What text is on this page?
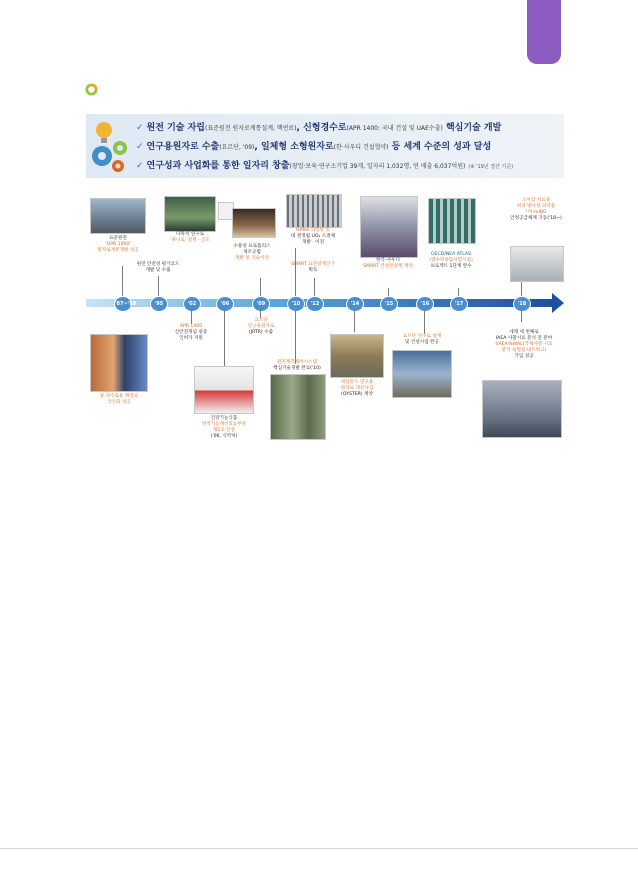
✓ 원전 기술 자립(표준원전 원자로계통설계, 핵연료), 신형경수로(APR 1400: 국내 건설 및 UAE수출) 핵심기술 개발
✓ 연구용원자로 수출(요르단, '09), 일체형 소형원자로(한·사우디 건설협약) 등 세계 수준의 성과 달성
✓ 연구성과 사업화를 통한 일자리 창출(창업·보육·연구소기업 39개, 일자리 1,032명, 연 매출 6,037억원) (※ '19년 결산 기준)
'87~'88	'95	'02	'06	'09	'10	'12	'14	'15	'16	'17	'18
표준원전
'OPR 1000'
원자로계통개발 성공
원전 안전성 평가코드
개발 및 수출
다목적 연구로
'하나로' 설계 · 건조
수용성 프로톨리스
제조공법
개발 및 기술이전
HANA 피복관 및
대 결정립 UO₂ 소결체
개발 · 이전
SMART 표준설계인가
획득
한국-사우디
SMART 건설전설계 계약
OECD/NEA ATLAS
(열수력종합시험시설)
프로젝트 1단계 완수
소아암 치료용
희귀 방사성 의약품
¹³¹I-mIBG
안정공급체계 가동('18~)
중·경수로용 핵연료
국산화 성공
APR 1400
신안전개념 실증
인허가 지원
건강기능식품
면역기능개선효능부분
제1호 인증
('06, 식약처)
요르단
연구용원자로
(JRTR) 수출
원전계측제어시스템
핵심기술개발 완료('10)
네덜란드 연구용
원자로 개선사업
(OYSTER) 계약
요르단 연구로 설계
및 건설사업 완공
세계 세 번째로
IAEA 사찰시료 분석 전 분야
(IAEA-NWAL(국제사찰 시료
분석 실험실 네트워크)
가입 성공
